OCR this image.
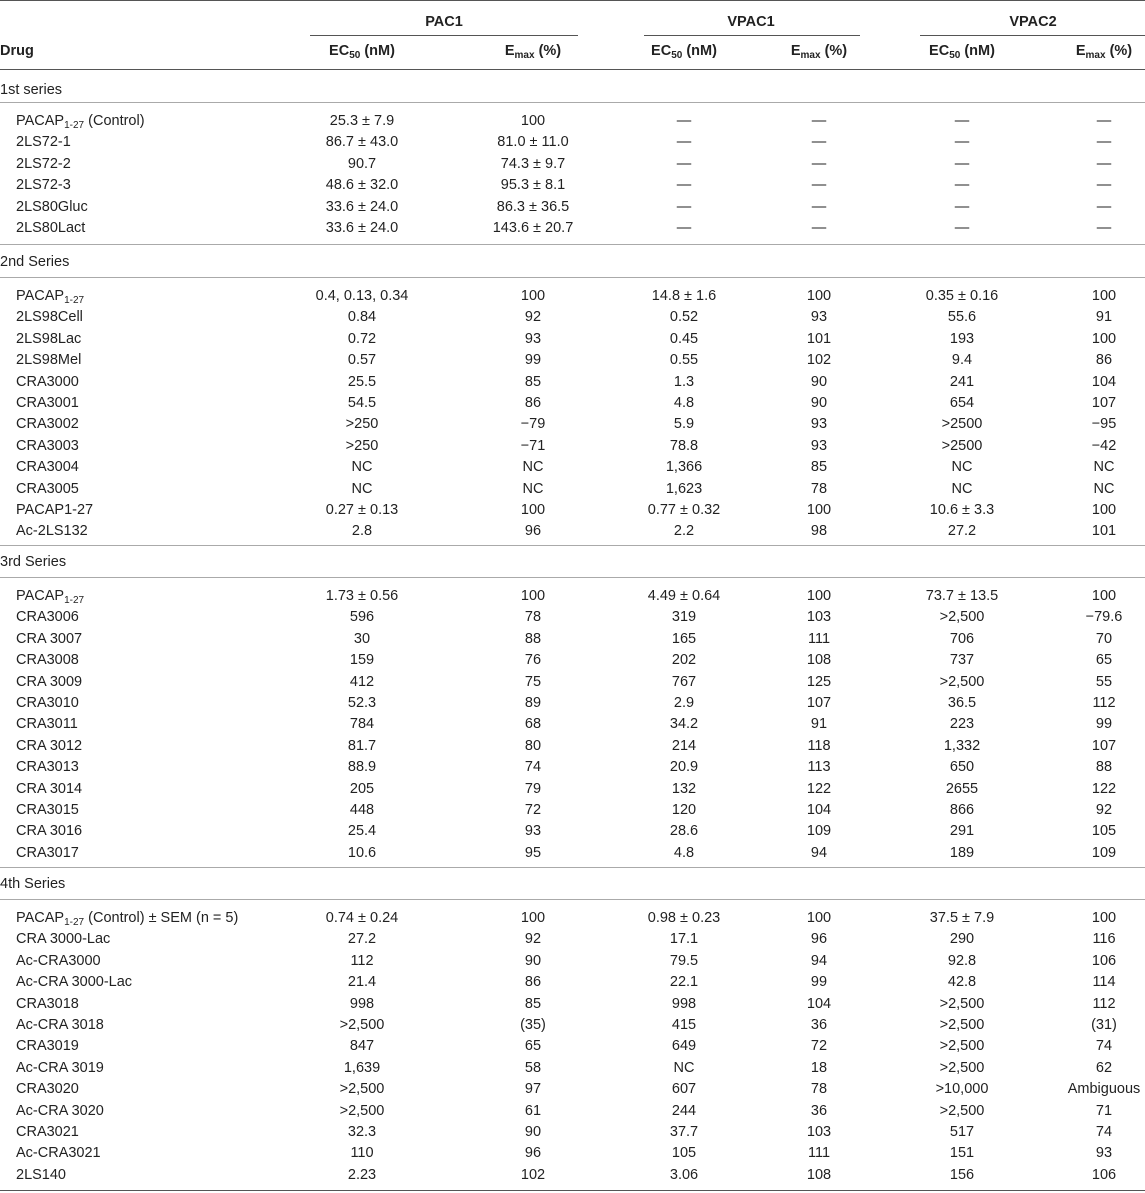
PAC1	VPAC1	VPAC2
Drug	$EC_{50}$ (nM)	$E_{max}$ (%)	$EC_{50}$ (nM)	$E_{max}$ (%)	$EC_{50}$ (nM)	$E_{max}$ (%)
1st series
$PACAP_{1-27}$ (Control)	25.3 ± 7.9	100	—	—	—	—
2LS72-1	86.7 ± 43.0	81.0 ± 11.0	—	—	—	—
2LS72-2	90.7	74.3 ± 9.7	—	—	—	—
2LS72-3	48.6 ± 32.0	95.3 ± 8.1	—	—	—	—
2LS80Gluc	33.6 ± 24.0	86.3 ± 36.5	—	—	—	—
2LS80Lact	33.6 ± 24.0	143.6 ± 20.7	—	—	—	—
2nd Series
$PACAP_{1-27}$	0.4, 0.13, 0.34	100	14.8 ± 1.6	100	0.35 ± 0.16	100
2LS98Cell	0.84	92	0.52	93	55.6	91
2LS98Lac	0.72	93	0.45	101	193	100
2LS98Mel	0.57	99	0.55	102	9.4	86
CRA3000	25.5	85	1.3	90	241	104
CRA3001	54.5	86	4.8	90	654	107
CRA3002	>250	−79	5.9	93	>2500	−95
CRA3003	>250	−71	78.8	93	>2500	−42
CRA3004	NC	NC	1,366	85	NC	NC
CRA3005	NC	NC	1,623	78	NC	NC
PACAP1-27	0.27 ± 0.13	100	0.77 ± 0.32	100	10.6 ± 3.3	100
Ac-2LS132	2.8	96	2.2	98	27.2	101
3rd Series
$PACAP_{1-27}$	1.73 ± 0.56	100	4.49 ± 0.64	100	73.7 ± 13.5	100
CRA3006	596	78	319	103	>2,500	−79.6
CRA 3007	30	88	165	111	706	70
CRA3008	159	76	202	108	737	65
CRA 3009	412	75	767	125	>2,500	55
CRA3010	52.3	89	2.9	107	36.5	112
CRA3011	784	68	34.2	91	223	99
CRA 3012	81.7	80	214	118	1,332	107
CRA3013	88.9	74	20.9	113	650	88
CRA 3014	205	79	132	122	2655	122
CRA3015	448	72	120	104	866	92
CRA 3016	25.4	93	28.6	109	291	105
CRA3017	10.6	95	4.8	94	189	109
4th Series
$PACAP_{1-27}$ (Control) ± SEM (n = 5)	0.74 ± 0.24	100	0.98 ± 0.23	100	37.5 ± 7.9	100
CRA 3000-Lac	27.2	92	17.1	96	290	116
Ac-CRA3000	112	90	79.5	94	92.8	106
Ac-CRA 3000-Lac	21.4	86	22.1	99	42.8	114
CRA3018	998	85	998	104	>2,500	112
Ac-CRA 3018	>2,500	(35)	415	36	>2,500	(31)
CRA3019	847	65	649	72	>2,500	74
Ac-CRA 3019	1,639	58	NC	18	>2,500	62
CRA3020	>2,500	97	607	78	>10,000	Ambiguous
Ac-CRA 3020	>2,500	61	244	36	>2,500	71
CRA3021	32.3	90	37.7	103	517	74
Ac-CRA3021	110	96	105	111	151	93
2LS140	2.23	102	3.06	108	156	106
